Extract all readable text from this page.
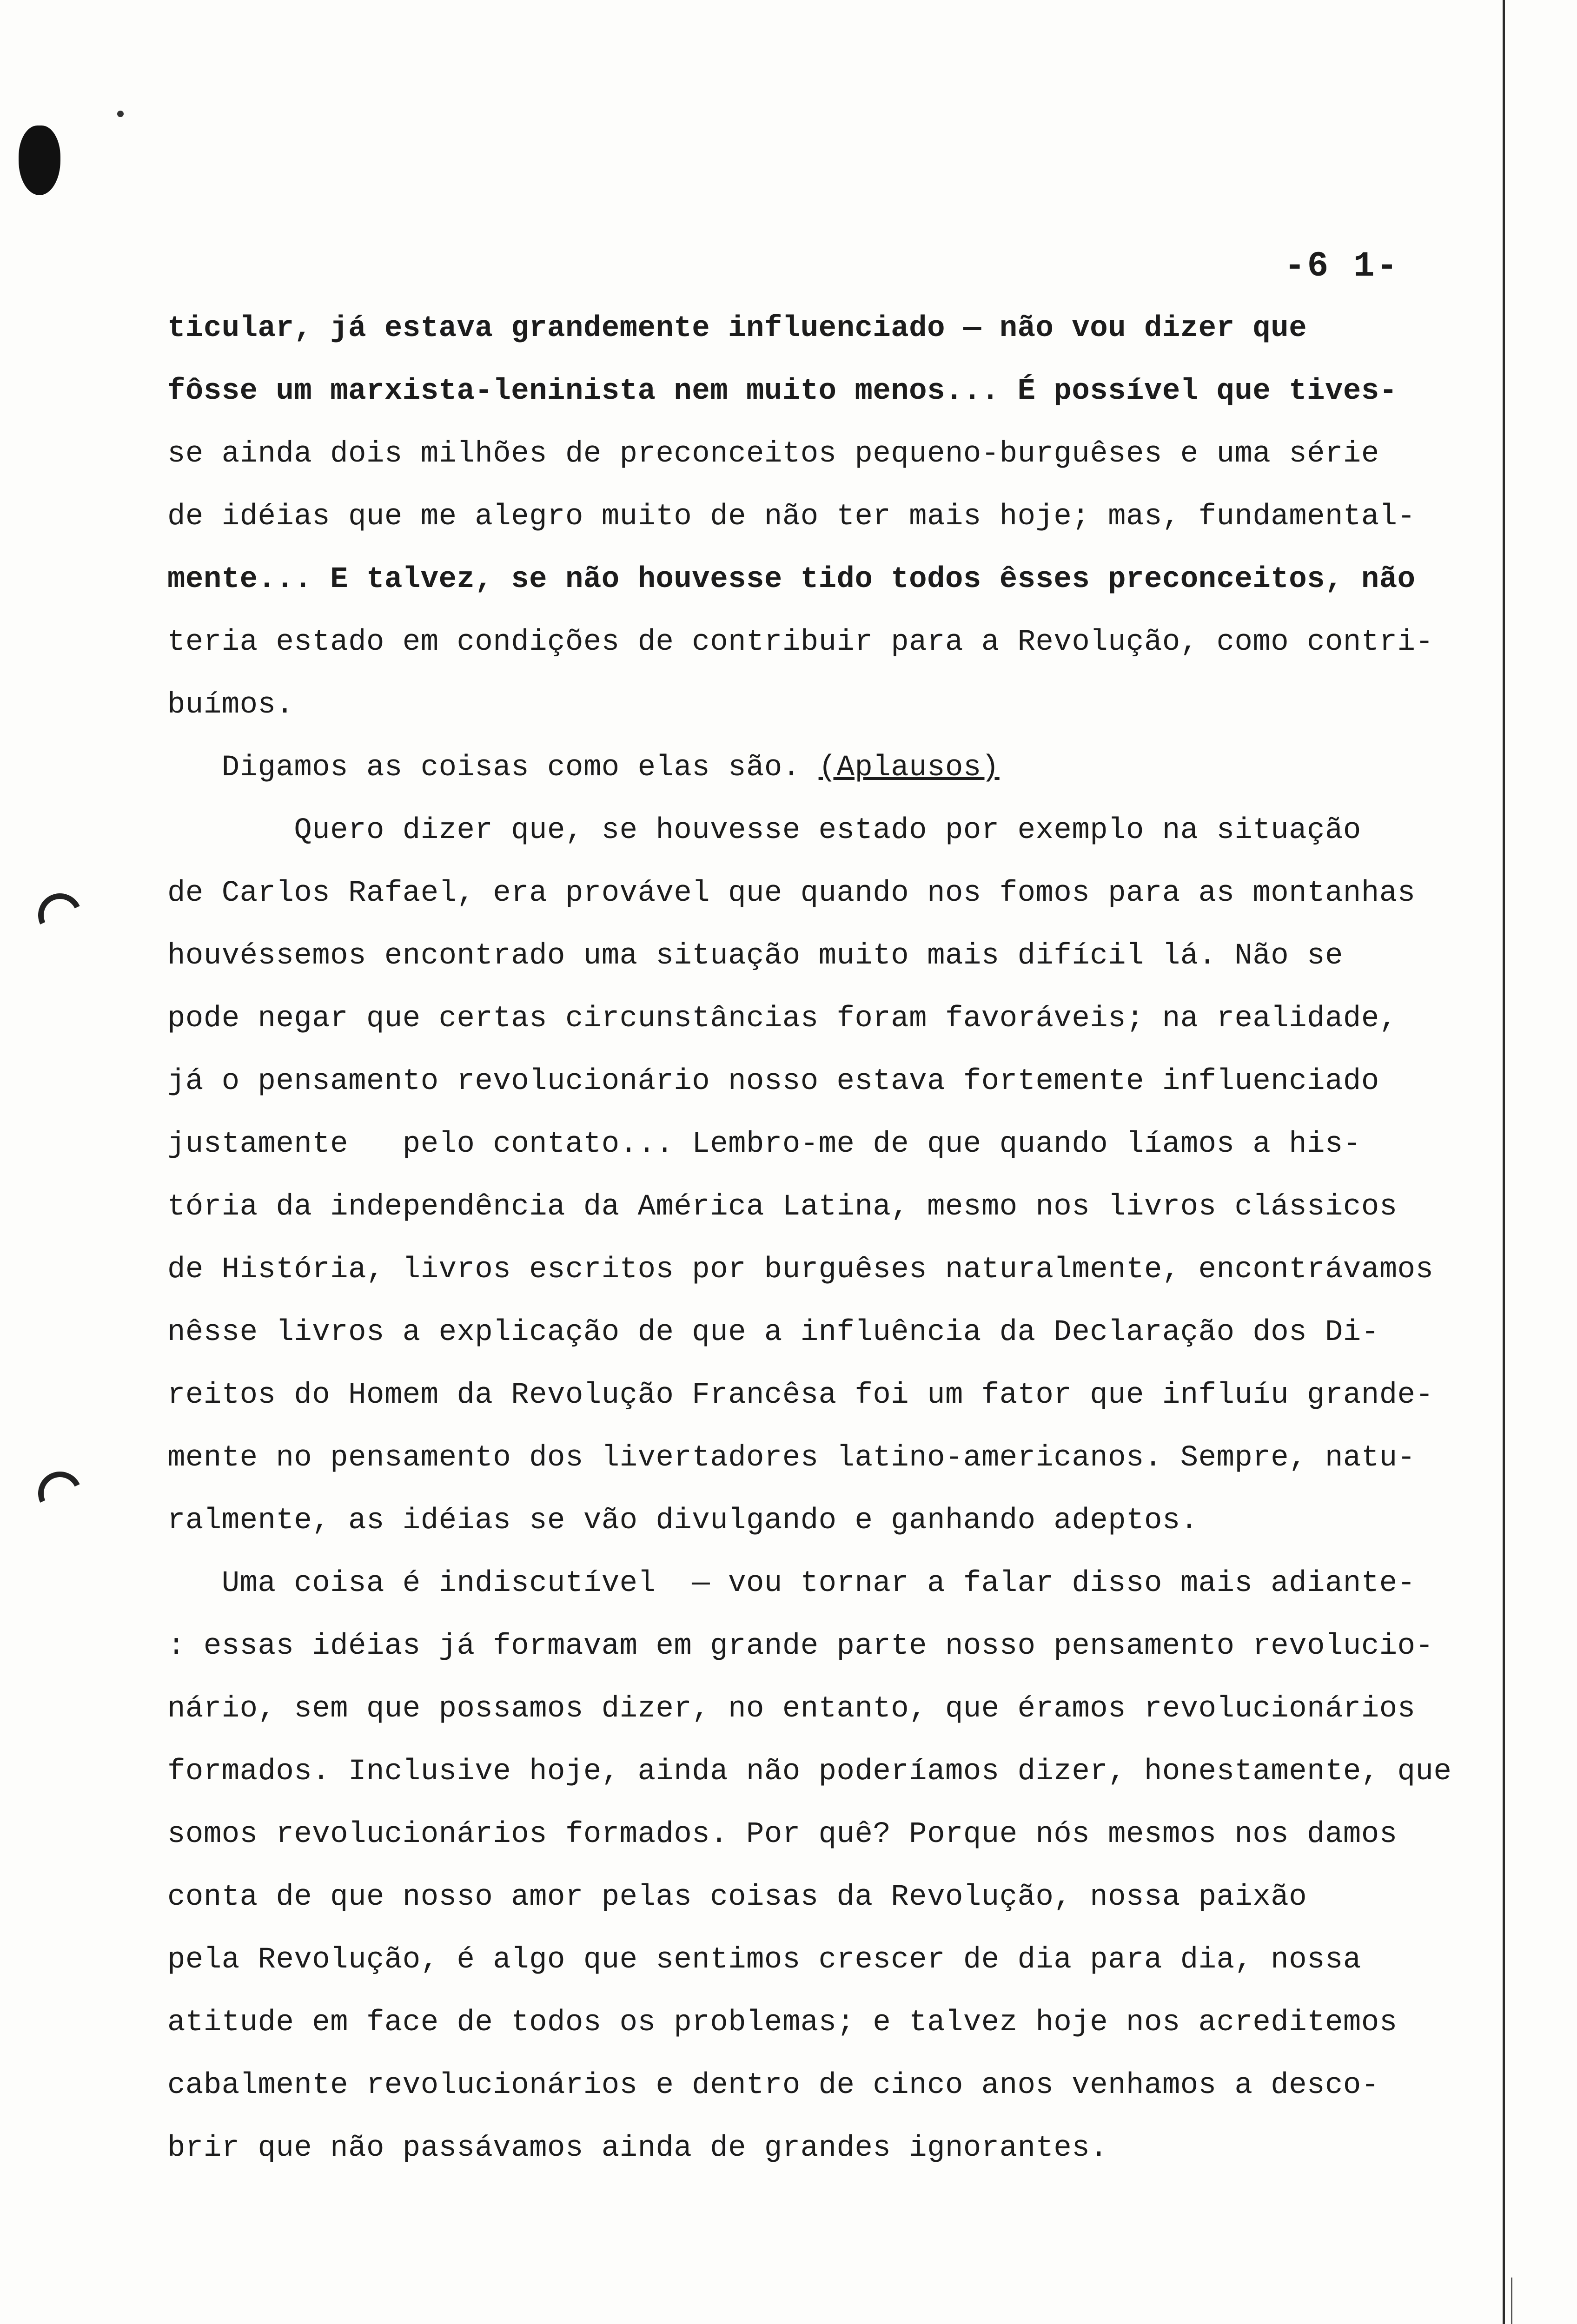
-6 1-
ticular, já estava grandemente influenciado — não vou dizer que
fôsse um marxista-leninista nem muito menos... É possível que tives-
se ainda dois milhões de preconceitos pequeno-burguêses e uma série
de idéias que me alegro muito de não ter mais hoje; mas, fundamental-
mente... E talvez, se não houvesse tido todos êsses preconceitos, não
teria estado em condições de contribuir para a Revolução, como contri-
buímos.
Digamos as coisas como elas são. (Aplausos)
Quero dizer que, se houvesse estado por exemplo na situação
de Carlos Rafael, era provável que quando nos fomos para as montanhas
houvéssemos encontrado uma situação muito mais difícil lá. Não se
pode negar que certas circunstâncias foram favoráveis; na realidade,
já o pensamento revolucionário nosso estava fortemente influenciado
justamente   pelo contato... Lembro-me de que quando líamos a his-
tória da independência da América Latina, mesmo nos livros clássicos
de História, livros escritos por burguêses naturalmente, encontrávamos
nêsse livros a explicação de que a influência da Declaração dos Di-
reitos do Homem da Revolução Francêsa foi um fator que influíu grande-
mente no pensamento dos livertadores latino-americanos. Sempre, natu-
ralmente, as idéias se vão divulgando e ganhando adeptos.
Uma coisa é indiscutível  — vou tornar a falar disso mais adiante-
: essas idéias já formavam em grande parte nosso pensamento revolucio-
nário, sem que possamos dizer, no entanto, que éramos revolucionários
formados. Inclusive hoje, ainda não poderíamos dizer, honestamente, que
somos revolucionários formados. Por quê? Porque nós mesmos nos damos
conta de que nosso amor pelas coisas da Revolução, nossa paixão
pela Revolução, é algo que sentimos crescer de dia para dia, nossa
atitude em face de todos os problemas; e talvez hoje nos acreditemos
cabalmente revolucionários e dentro de cinco anos venhamos a desco-
brir que não passávamos ainda de grandes ignorantes.
